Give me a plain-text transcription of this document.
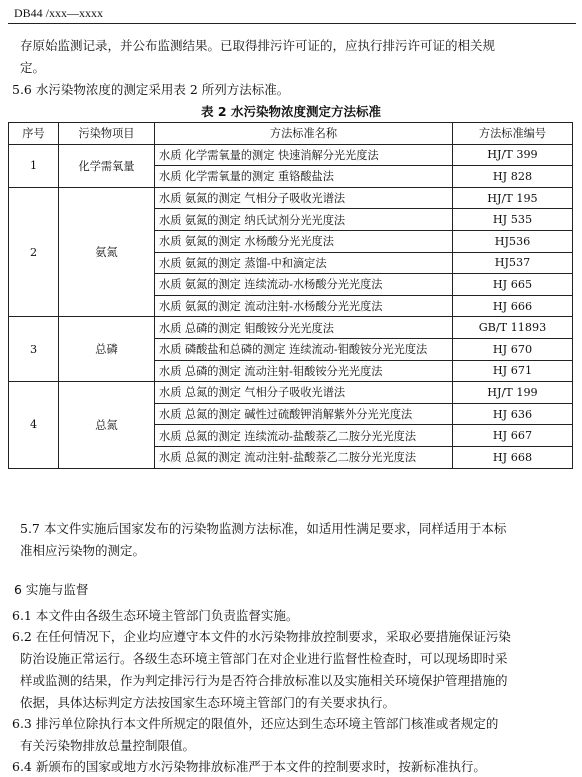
DB44 /xxx—xxxx
存原始监测记录，并公布监测结果。已取得排污许可证的，应执行排污许可证的相关规
定。
5.6 水污染物浓度的测定采用表 2 所列方法标准。
表 2 水污染物浓度测定方法标准
序号	污染物项目	方法标准名称	方法标准编号
1	化学需氧量	水质 化学需氧量的测定 快速消解分光光度法	HJ/T 399
		水质 化学需氧量的测定 重铬酸盐法	HJ 828
2	氨氮	水质 氨氮的测定 气相分子吸收光谱法	HJ/T 195
		水质 氨氮的测定 纳氏试剂分光光度法	HJ 535
		水质 氨氮的测定 水杨酸分光光度法	HJ536
		水质 氨氮的测定 蒸馏-中和滴定法	HJ537
		水质 氨氮的测定 连续流动-水杨酸分光光度法	HJ 665
		水质 氨氮的测定 流动注射-水杨酸分光光度法	HJ 666
3	总磷	水质 总磷的测定 钼酸铵分光光度法	GB/T 11893
		水质 磷酸盐和总磷的测定 连续流动-钼酸铵分光光度法	HJ 670
		水质 总磷的测定 流动注射-钼酸铵分光光度法	HJ 671
4	总氮	水质 总氮的测定 气相分子吸收光谱法	HJ/T 199
		水质 总氮的测定 碱性过硫酸钾消解紫外分光光度法	HJ 636
		水质 总氮的测定 连续流动-盐酸萘乙二胺分光光度法	HJ 667
		水质 总氮的测定 流动注射-盐酸萘乙二胺分光光度法	HJ 668
5.7 本文件实施后国家发布的污染物监测方法标准，如适用性满足要求，同样适用于本标
准相应污染物的测定。
6 实施与监督
6.1 本文件由各级生态环境主管部门负责监督实施。
6.2 在任何情况下，企业均应遵守本文件的水污染物排放控制要求，采取必要措施保证污染
防治设施正常运行。各级生态环境主管部门在对企业进行监督性检查时，可以现场即时采
样或监测的结果，作为判定排污行为是否符合排放标准以及实施相关环境保护管理措施的
依据，具体达标判定方法按国家生态环境主管部门的有关要求执行。
6.3 排污单位除执行本文件所规定的限值外，还应达到生态环境主管部门核准或者规定的
有关污染物排放总量控制限值。
6.4 新颁布的国家或地方水污染物排放标准严于本文件的控制要求时，按新标准执行。
